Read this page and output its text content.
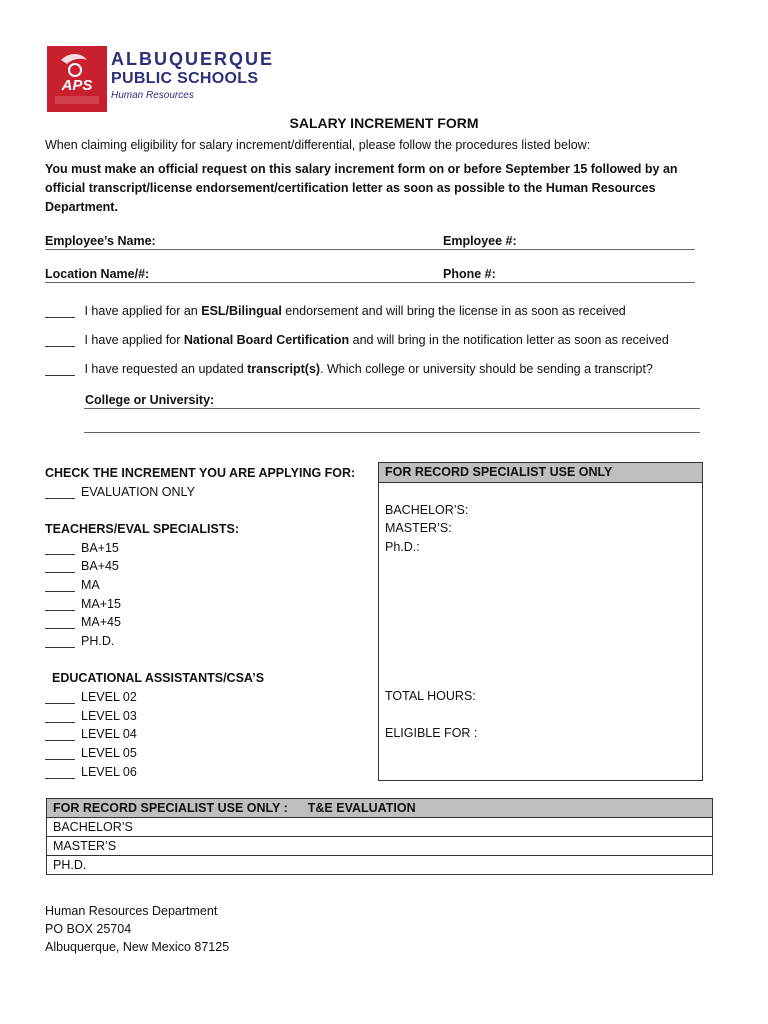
APS
ALBUQUERQUE
PUBLIC SCHOOLS
Human Resources
SALARY INCREMENT FORM
When claiming eligibility for salary increment/differential, please follow the procedures listed below:
You must make an official request on this salary increment form on or before September 15 followed by an official transcript/license endorsement/certification letter as soon as possible to the Human Resources Department.
Employee’s Name:	Employee #:
Location Name/#:	Phone #:
I have applied for an ESL/Bilingual endorsement and will bring the license in as soon as received
I have applied for National Board Certification and will bring in the notification letter as soon as received
I have requested an updated transcript(s). Which college or university should be sending a transcript?
College or University:
CHECK THE INCREMENT YOU ARE APPLYING FOR:
EVALUATION ONLY
TEACHERS/EVAL SPECIALISTS:
BA+15
BA+45
MA
MA+15
MA+45
PH.D.
EDUCATIONAL ASSISTANTS/CSA’S
LEVEL 02
LEVEL 03
LEVEL 04
LEVEL 05
LEVEL 06
FOR RECORD SPECIALIST USE ONLY
BACHELOR’S:
MASTER’S:
Ph.D.:
TOTAL HOURS:
ELIGIBLE FOR :
FOR RECORD SPECIALIST USE ONLY : T&E EVALUATION
BACHELOR’S
MASTER’S
PH.D.
Human Resources Department
PO BOX 25704
Albuquerque, New Mexico 87125
